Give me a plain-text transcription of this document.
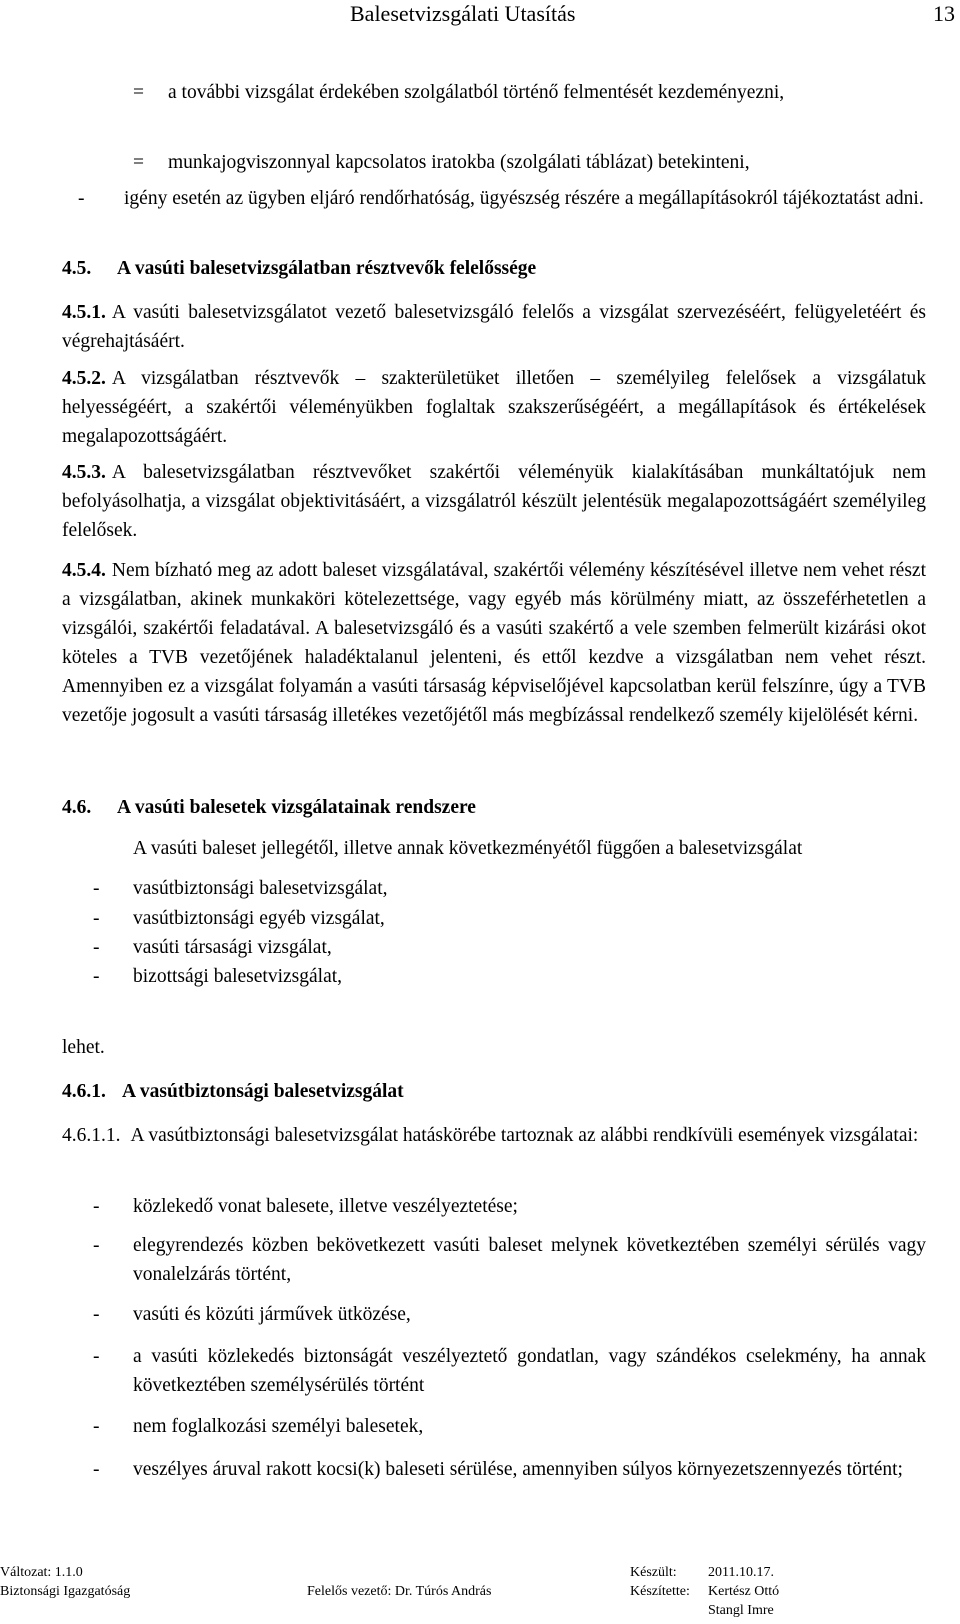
Balesetvizsgálati Utasítás	13
= a további vizsgálat érdekében szolgálatból történő felmentését kezdeményezni,

= munkajogviszonnyal kapcsolatos iratokba (szolgálati táblázat) betekinteni,

- igény esetén az ügyben eljáró rendőrhatóság, ügyészség részére a megállapításokról tájékoztatást adni.

4.5. A vasúti balesetvizsgálatban résztvevők felelőssége

4.5.1. A vasúti balesetvizsgálatot vezető balesetvizsgáló felelős a vizsgálat szervezéséért, felügyeletéért és végrehajtásáért.

4.5.2. A vizsgálatban résztvevők – szakterületüket illetően – személyileg felelősek a vizsgálatuk helyességéért, a szakértői véleményükben foglaltak szakszerűségéért, a megállapítások és értékelések megalapozottságáért.

4.5.3. A balesetvizsgálatban résztvevőket szakértői véleményük kialakításában munkáltatójuk nem befolyásolhatja, a vizsgálat objektivitásáért, a vizsgálatról készült jelentésük megalapozottságáért személyileg felelősek.

4.5.4. Nem bízható meg az adott baleset vizsgálatával, szakértői vélemény készítésével illetve nem vehet részt a vizsgálatban, akinek munkaköri kötelezettsége, vagy egyéb más körülmény miatt, az összeférhetetlen a vizsgálói, szakértői feladatával. A balesetvizsgáló és a vasúti szakértő a vele szemben felmerült kizárási okot köteles a TVB vezetőjének haladéktalanul jelenteni, és ettől kezdve a vizsgálatban nem vehet részt. Amennyiben ez a vizsgálat folyamán a vasúti társaság képviselőjével kapcsolatban kerül felszínre, úgy a TVB vezetője jogosult a vasúti társaság illetékes vezetőjétől más megbízással rendelkező személy kijelölését kérni.

4.6. A vasúti balesetek vizsgálatainak rendszere

A vasúti baleset jellegétől, illetve annak következményétől függően a balesetvizsgálat

- vasútbiztonsági balesetvizsgálat,
- vasútbiztonsági egyéb vizsgálat,
- vasúti társasági vizsgálat,
- bizottsági balesetvizsgálat,
lehet.
4.6.1. A vasútbiztonsági balesetvizsgálat

4.6.1.1. A vasútbiztonsági balesetvizsgálat hatáskörébe tartoznak az alábbi rendkívüli események vizsgálatai:

- közlekedő vonat balesete, illetve veszélyeztetése;

- elegyrendezés közben bekövetkezett vasúti baleset melynek következtében személyi sérülés vagy vonalelzárás történt,

- vasúti és közúti járművek ütközése,

- a vasúti közlekedés biztonságát veszélyeztető gondatlan, vagy szándékos cselekmény, ha annak következtében személysérülés történt

- nem foglalkozási személyi balesetek,

- veszélyes áruval rakott kocsi(k) baleseti sérülése, amennyiben súlyos környezetszennyezés történt;

Változat: 1.1.0
Biztonsági Igazgatóság	Felelős vezető: Dr. Túrós András
Készült: 2011.10.17.
Készítette: Kertész Ottó
Stangl Imre
